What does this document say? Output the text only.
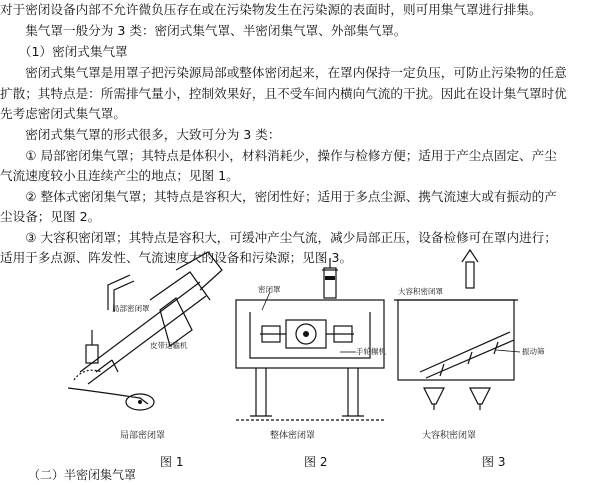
对于密闭设备内部不允许微负压存在或在污染物发生在污染源的表面时，则可用集气罩进行排集。
　　集气罩一般分为 3 类：密闭式集气罩、半密闭集气罩、外部集气罩。
　　（1）密闭式集气罩
　　密闭式集气罩是用罩子把污染源局部或整体密闭起来，在罩内保持一定负压，可防止污染物的任意
扩散；其特点是：所需排气量小，控制效果好，且不受车间内横向气流的干扰。因此在设计集气罩时优
先考虑密闭式集气罩。
　　密闭式集气罩的形式很多，大致可分为 3 类：
　　① 局部密闭集气罩；其特点是体积小，材料消耗少，操作与检修方便；适用于产尘点固定、产尘
气流速度较小且连续产尘的地点；见图 1。
　　② 整体式密闭集气罩；其特点是容积大，密闭性好；适用于多点尘源、携气流速大或有振动的产
尘设备；见图 2。
　　③ 大容积密闭罩；其特点是容积大，可缓冲产尘气流，减少局部正压，设备检修可在罩内进行；
适用于多点源、阵发性、气流速度大的设备和污染源；见图 3。
局部密闭罩
皮带运输机
局部密闭罩
图 1
密闭罩
手轮辗机
整体密闭罩
图 2
大容积密闭罩
振动筛
大容积密闭罩
图 3
（二）半密闭集气罩
